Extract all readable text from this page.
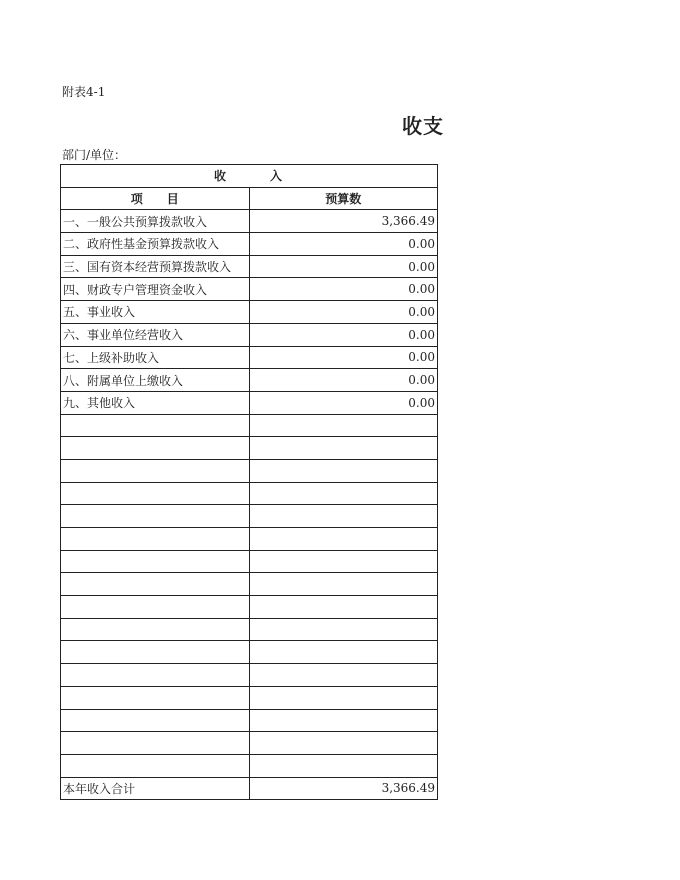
附表4-1
收支
部门/单位：
收　　　入	
项　　目	预算数
一、一般公共预算拨款收入	3,366.49
二、政府性基金预算拨款收入	0.00
三、国有资本经营预算拨款收入	0.00
四、财政专户管理资金收入	0.00
五、事业收入	0.00
六、事业单位经营收入	0.00
七、上级补助收入	0.00
八、附属单位上缴收入	0.00
九、其他收入	0.00

本年收入合计	3,366.49
